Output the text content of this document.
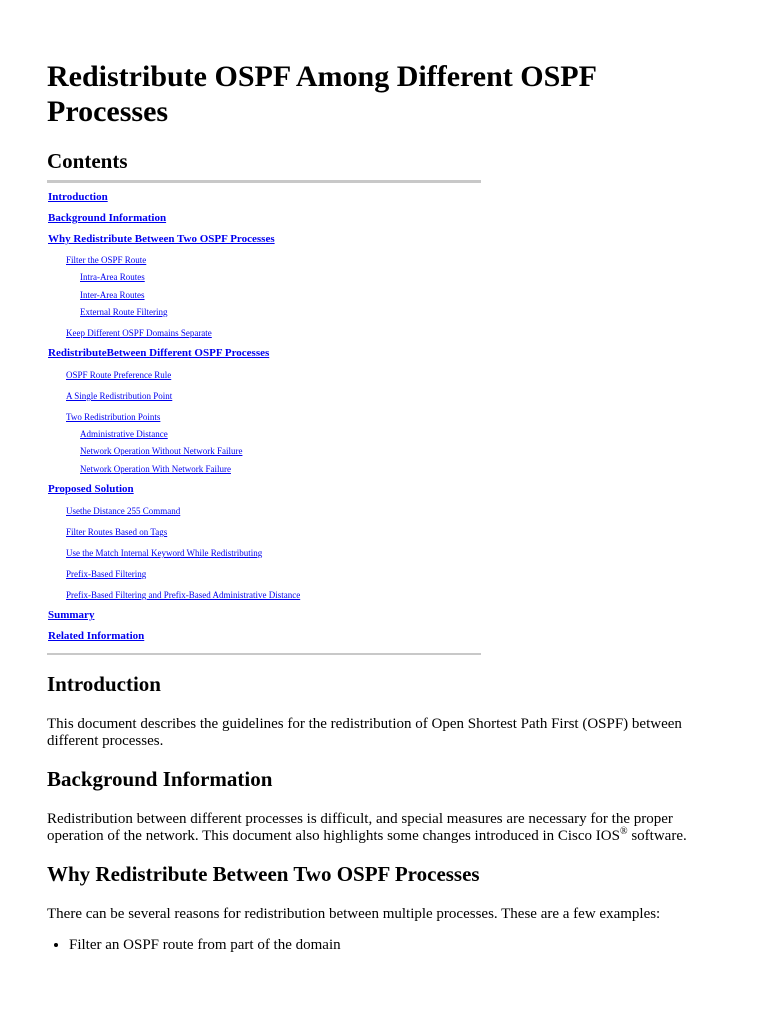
Redistribute OSPF Among Different OSPF Processes
Contents
Introduction
Background Information
Why Redistribute Between Two OSPF Processes
Filter the OSPF Route
Intra-Area Routes
Inter-Area Routes
External Route Filtering
Keep Different OSPF Domains Separate
RedistributeBetween Different OSPF Processes
OSPF Route Preference Rule
A Single Redistribution Point
Two Redistribution Points
Administrative Distance
Network Operation Without Network Failure
Network Operation With Network Failure
Proposed Solution
Usethe Distance 255 Command
Filter Routes Based on Tags
Use the Match Internal Keyword While Redistributing
Prefix-Based Filtering
Prefix-Based Filtering and Prefix-Based Administrative Distance
Summary
Related Information
Introduction

This document describes the guidelines for the redistribution of Open Shortest Path First (OSPF) between different processes.

Background Information

Redistribution between different processes is difficult, and special measures are necessary for the proper operation of the network. This document also highlights some changes introduced in Cisco IOS® software.

Why Redistribute Between Two OSPF Processes

There can be several reasons for redistribution between multiple processes. These are a few examples:

• Filter an OSPF route from part of the domain
